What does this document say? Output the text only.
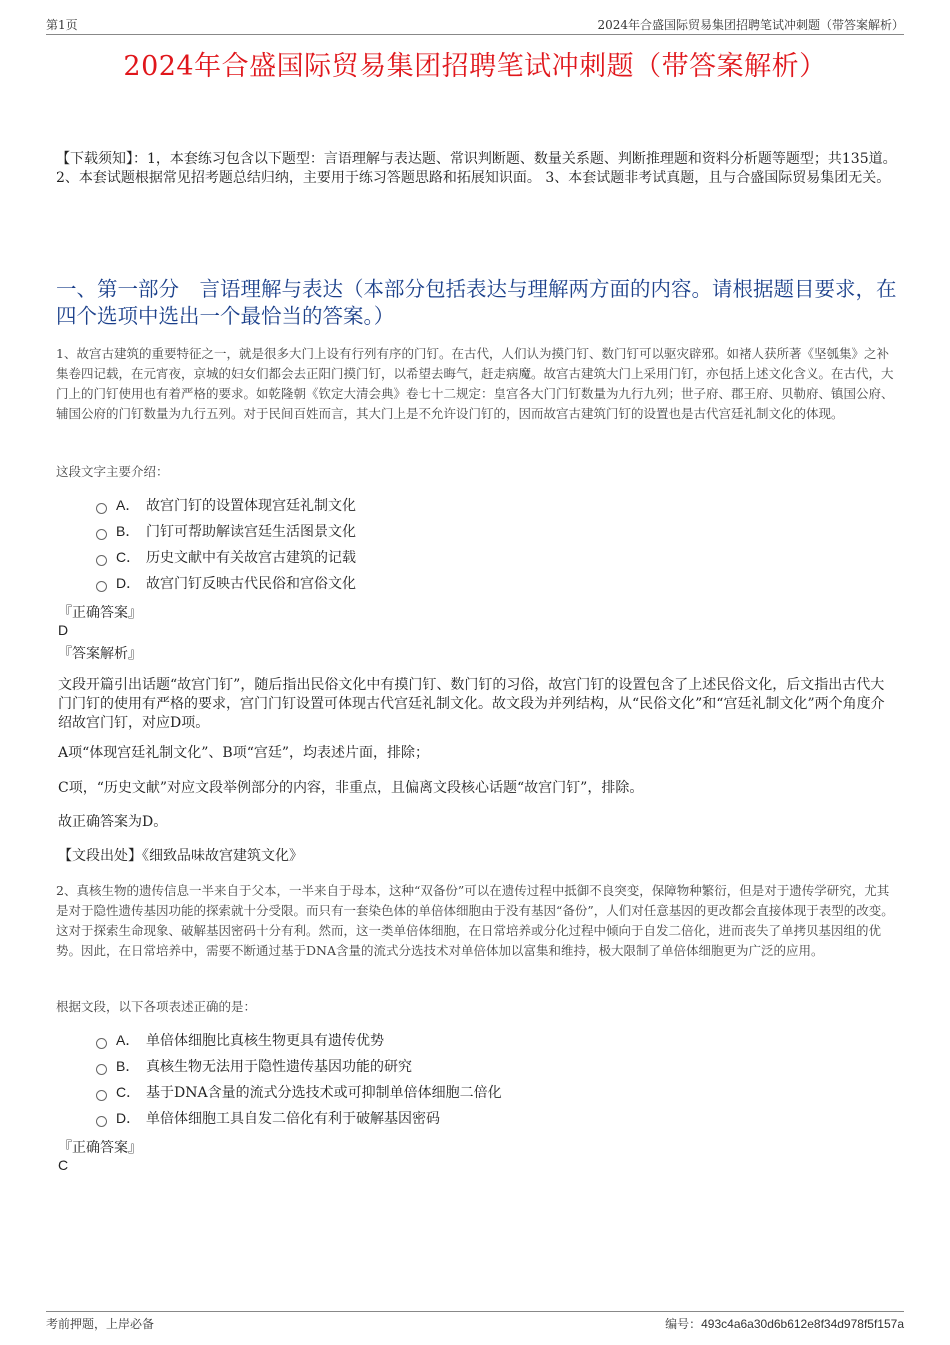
第1页	2024年合盛国际贸易集团招聘笔试冲刺题（带答案解析）
2024年合盛国际贸易集团招聘笔试冲刺题（带答案解析）
【下载须知】：1，本套练习包含以下题型：言语理解与表达题、常识判断题、数量关系题、判断推理题和资料分析题等题型；共135道。 2、本套试题根据常见招考题总结归纳，主要用于练习答题思路和拓展知识面。 3、本套试题非考试真题，且与合盛国际贸易集团无关。
一、第一部分　言语理解与表达（本部分包括表达与理解两方面的内容。请根据题目要求，在四个选项中选出一个最恰当的答案。）
1、故宫古建筑的重要特征之一，就是很多大门上设有行列有序的门钉。在古代，人们认为摸门钉、数门钉可以驱灾辟邪。如褚人获所著《坚瓠集》之补集卷四记载，在元宵夜，京城的妇女们都会去正阳门摸门钉，以希望去晦气，赶走病魔。故宫古建筑大门上采用门钉，亦包括上述文化含义。在古代，大门上的门钉使用也有着严格的要求。如乾隆朝《钦定大清会典》卷七十二规定：皇宫各大门门钉数量为九行九列；世子府、郡王府、贝勒府、镇国公府、辅国公府的门钉数量为九行五列。对于民间百姓而言，其大门上是不允许设门钉的，因而故宫古建筑门钉的设置也是古代宫廷礼制文化的体现。
这段文字主要介绍：
A． 故宫门钉的设置体现宫廷礼制文化
B． 门钉可帮助解读宫廷生活图景文化
C． 历史文献中有关故宫古建筑的记载
D． 故宫门钉反映古代民俗和宫俗文化
『正确答案』
D
『答案解析』
文段开篇引出话题“故宫门钉”，随后指出民俗文化中有摸门钉、数门钉的习俗，故宫门钉的设置包含了上述民俗文化，后文指出古代大门门钉的使用有严格的要求，宫门门钉设置可体现古代宫廷礼制文化。故文段为并列结构，从“民俗文化”和“宫廷礼制文化”两个角度介绍故宫门钉，对应D项。
A项“体现宫廷礼制文化”、B项“宫廷”，均表述片面，排除；
C项，“历史文献”对应文段举例部分的内容，非重点，且偏离文段核心话题“故宫门钉”，排除。
故正确答案为D。
【文段出处】《细致品味故宫建筑文化》
2、真核生物的遗传信息一半来自于父本，一半来自于母本，这种“双备份”可以在遗传过程中抵御不良突变，保障物种繁衍，但是对于遗传学研究，尤其是对于隐性遗传基因功能的探索就十分受限。而只有一套染色体的单倍体细胞由于没有基因“备份”，人们对任意基因的更改都会直接体现于表型的改变。这对于探索生命现象、破解基因密码十分有利。然而，这一类单倍体细胞，在日常培养或分化过程中倾向于自发二倍化，进而丧失了单拷贝基因组的优势。因此，在日常培养中，需要不断通过基于DNA含量的流式分选技术对单倍体加以富集和维持，极大限制了单倍体细胞更为广泛的应用。
根据文段，以下各项表述正确的是：
A． 单倍体细胞比真核生物更具有遗传优势
B． 真核生物无法用于隐性遗传基因功能的研究
C． 基于DNA含量的流式分选技术或可抑制单倍体细胞二倍化
D． 单倍体细胞工具自发二倍化有利于破解基因密码
『正确答案』
C
考前押题，上岸必备	编号：493c4a6a30d6b612e8f34d978f5f157a
